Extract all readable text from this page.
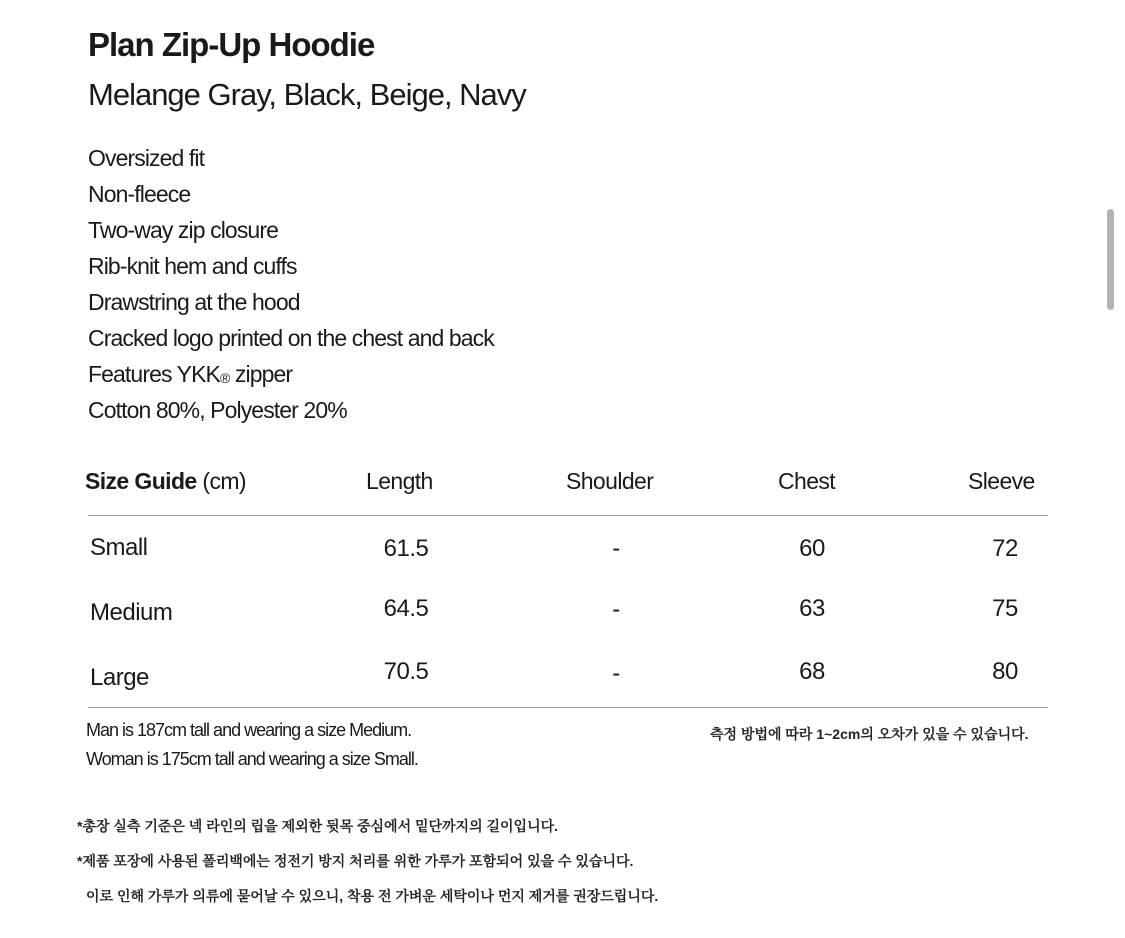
Plan Zip-Up Hoodie
Melange Gray, Black, Beige, Navy
Oversized fit
Non-fleece
Two-way zip closure
Rib-knit hem and cuffs
Drawstring at the hood
Cracked logo printed on the chest and back
Features YKK® zipper
Cotton 80%, Polyester 20%
Size Guide (cm)	Length	Shoulder	Chest	Sleeve
Small	61.5	-	60	72
Medium	64.5	-	63	75
Large	70.5	-	68	80
Man is 187cm tall and wearing a size Medium.
Woman is 175cm tall and wearing a size Small.
측정 방법에 따라 1~2cm의 오차가 있을 수 있습니다.
*총장 실측 기준은 넥 라인의 립을 제외한 뒷목 중심에서 밑단까지의 길이입니다.
*제품 포장에 사용된 폴리백에는 정전기 방지 처리를 위한 가루가 포함되어 있을 수 있습니다.
이로 인해 가루가 의류에 묻어날 수 있으니, 착용 전 가벼운 세탁이나 먼지 제거를 권장드립니다.
